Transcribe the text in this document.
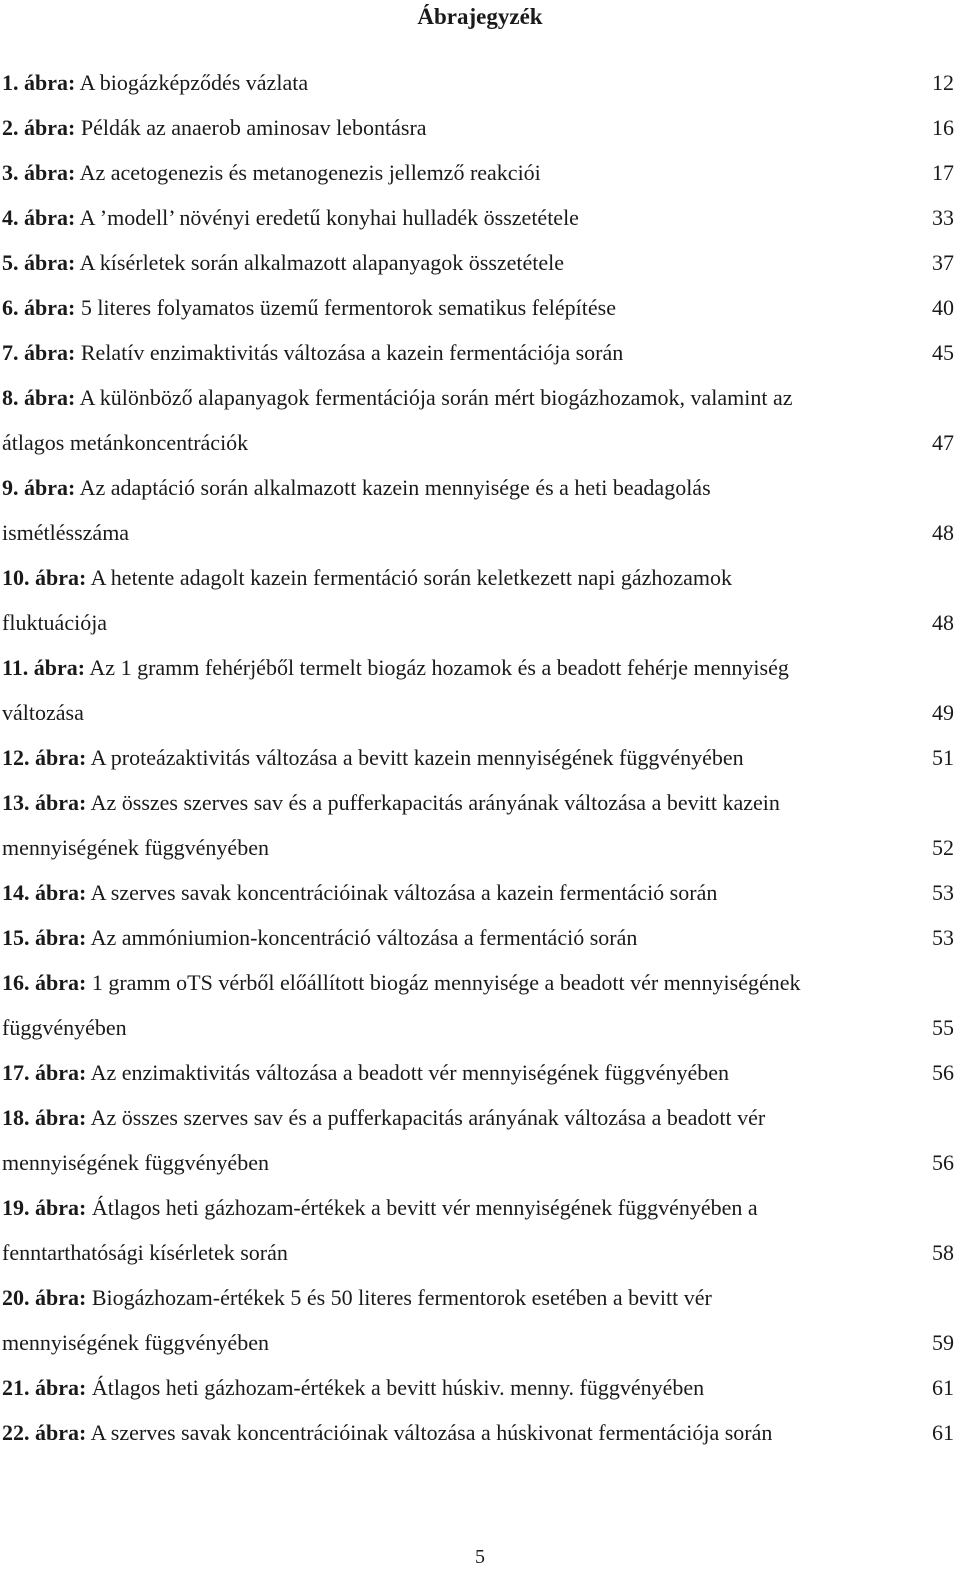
Ábrajegyzék
1. ábra: A biogázképződés vázlata	12
2. ábra: Példák az anaerob aminosav lebontásra	16
3. ábra: Az acetogenezis és metanogenezis jellemző reakciói	17
4. ábra: A ’modell’ növényi eredetű konyhai hulladék összetétele	33
5. ábra: A kísérletek során alkalmazott alapanyagok összetétele	37
6. ábra: 5 literes folyamatos üzemű fermentorok sematikus felépítése	40
7. ábra: Relatív enzimaktivitás változása a kazein fermentációja során	45
8. ábra: A különböző alapanyagok fermentációja során mért biogázhozamok, valamint az
átlagos metánkoncentrációk	47
9. ábra: Az adaptáció során alkalmazott kazein mennyisége és a heti beadagolás
ismétlésszáma	48
10. ábra: A hetente adagolt kazein fermentáció során keletkezett napi gázhozamok
fluktuációja	48
11. ábra: Az 1 gramm fehérjéből termelt biogáz hozamok és a beadott fehérje mennyiség
változása	49
12. ábra: A proteázaktivitás változása a bevitt kazein mennyiségének függvényében	51
13. ábra: Az összes szerves sav és a pufferkapacitás arányának változása a bevitt kazein
mennyiségének függvényében	52
14. ábra: A szerves savak koncentrációinak változása a kazein fermentáció során	53
15. ábra: Az ammóniumion-koncentráció változása a fermentáció során	53
16. ábra: 1 gramm oTS vérből előállított biogáz mennyisége a beadott vér mennyiségének
függvényében	55
17. ábra: Az enzimaktivitás változása a beadott vér mennyiségének függvényében	56
18. ábra: Az összes szerves sav és a pufferkapacitás arányának változása a beadott vér
mennyiségének függvényében	56
19. ábra: Átlagos heti gázhozam-értékek a bevitt vér mennyiségének függvényében a
fenntarthatósági kísérletek során	58
20. ábra: Biogázhozam-értékek 5 és 50 literes fermentorok esetében a bevitt vér
mennyiségének függvényében	59
21. ábra: Átlagos heti gázhozam-értékek a bevitt húskiv. menny. függvényében	61
22. ábra: A szerves savak koncentrációinak változása a húskivonat fermentációja során	61
5
